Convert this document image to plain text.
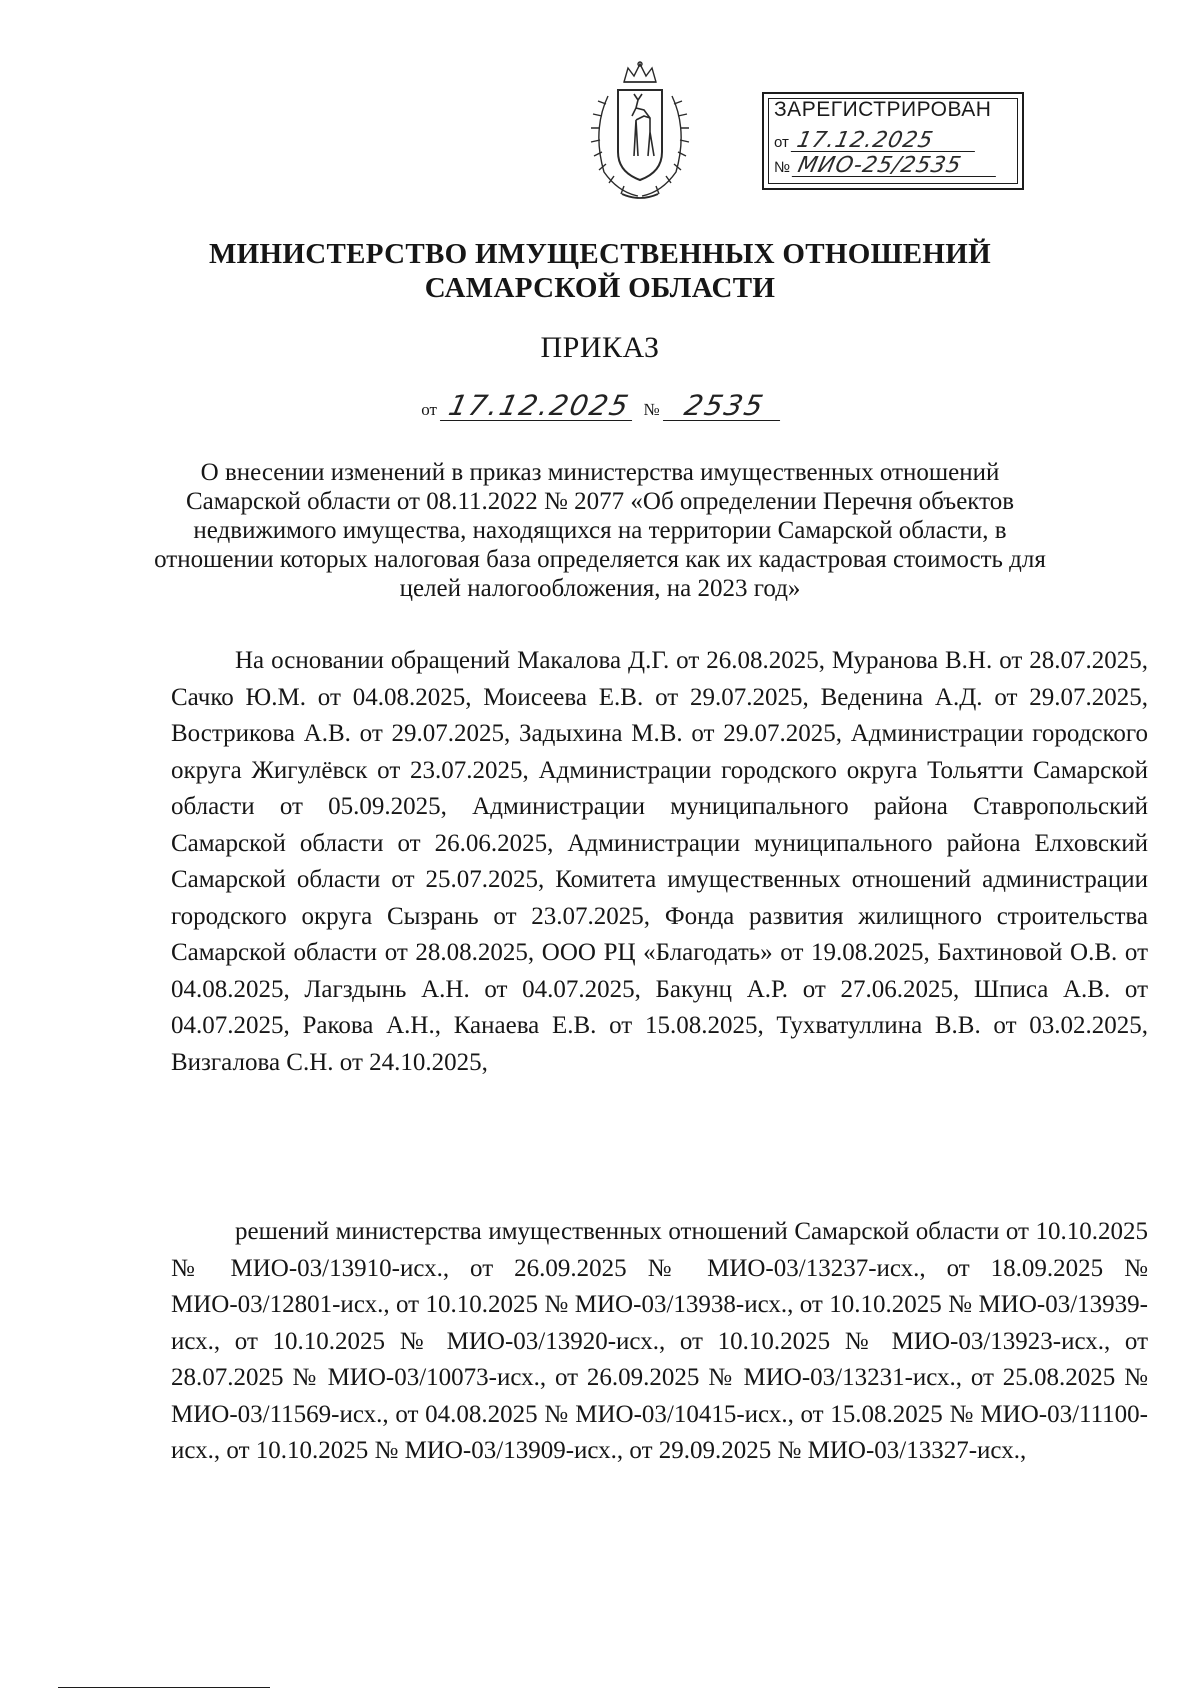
ЗАРЕГИСТРИРОВАН
от 17.12.2025
№ МИО-25/2535
МИНИСТЕРСТВО ИМУЩЕСТВЕННЫХ ОТНОШЕНИЙ
САМАРСКОЙ ОБЛАСТИ
ПРИКАЗ
от 17.12.2025 № 2535
О внесении изменений в приказ министерства имущественных отношений Самарской области от 08.11.2022 № 2077 «Об определении Перечня объектов недвижимого имущества, находящихся на территории Самарской области, в отношении которых налоговая база определяется как их кадастровая стоимость для целей налогообложения, на 2023 год»

На основании обращений Макалова Д.Г. от 26.08.2025, Муранова В.Н. от 28.07.2025, Сачко Ю.М. от 04.08.2025, Моисеева Е.В. от 29.07.2025, Веденина А.Д. от 29.07.2025, Вострикова А.В. от 29.07.2025, Задыхина М.В. от 29.07.2025, Администрации городского округа Жигулёвск от 23.07.2025, Администрации городского округа Тольятти Самарской области от 05.09.2025, Администрации муниципального района Ставропольский Самарской области от 26.06.2025, Администрации муниципального района Елховский Самарской области от 25.07.2025, Комитета имущественных отношений администрации городского округа Сызрань от 23.07.2025, Фонда развития жилищного строительства Самарской области от 28.08.2025, ООО РЦ «Благодать» от 19.08.2025, Бахтиновой О.В. от 04.08.2025, Лагздынь А.Н. от 04.07.2025, Бакунц А.Р. от 27.06.2025, Шписа А.В. от 04.07.2025, Ракова А.Н., Канаева Е.В. от 15.08.2025, Тухватуллина В.В. от 03.02.2025, Визгалова С.Н. от 24.10.2025,

решений министерства имущественных отношений Самарской области от 10.10.2025 № МИО-03/13910-исх., от 26.09.2025 № МИО-03/13237-исх., от 18.09.2025 № МИО-03/12801-исх., от 10.10.2025 № МИО-03/13938-исх., от 10.10.2025 № МИО-03/13939-исх., от 10.10.2025 № МИО-03/13920-исх., от 10.10.2025 № МИО-03/13923-исх., от 28.07.2025 № МИО-03/10073-исх., от 26.09.2025 № МИО-03/13231-исх., от 25.08.2025 № МИО-03/11569-исх., от 04.08.2025 № МИО-03/10415-исх., от 15.08.2025 № МИО-03/11100-исх., от 10.10.2025 № МИО-03/13909-исх., от 29.09.2025 № МИО-03/13327-исх.,
